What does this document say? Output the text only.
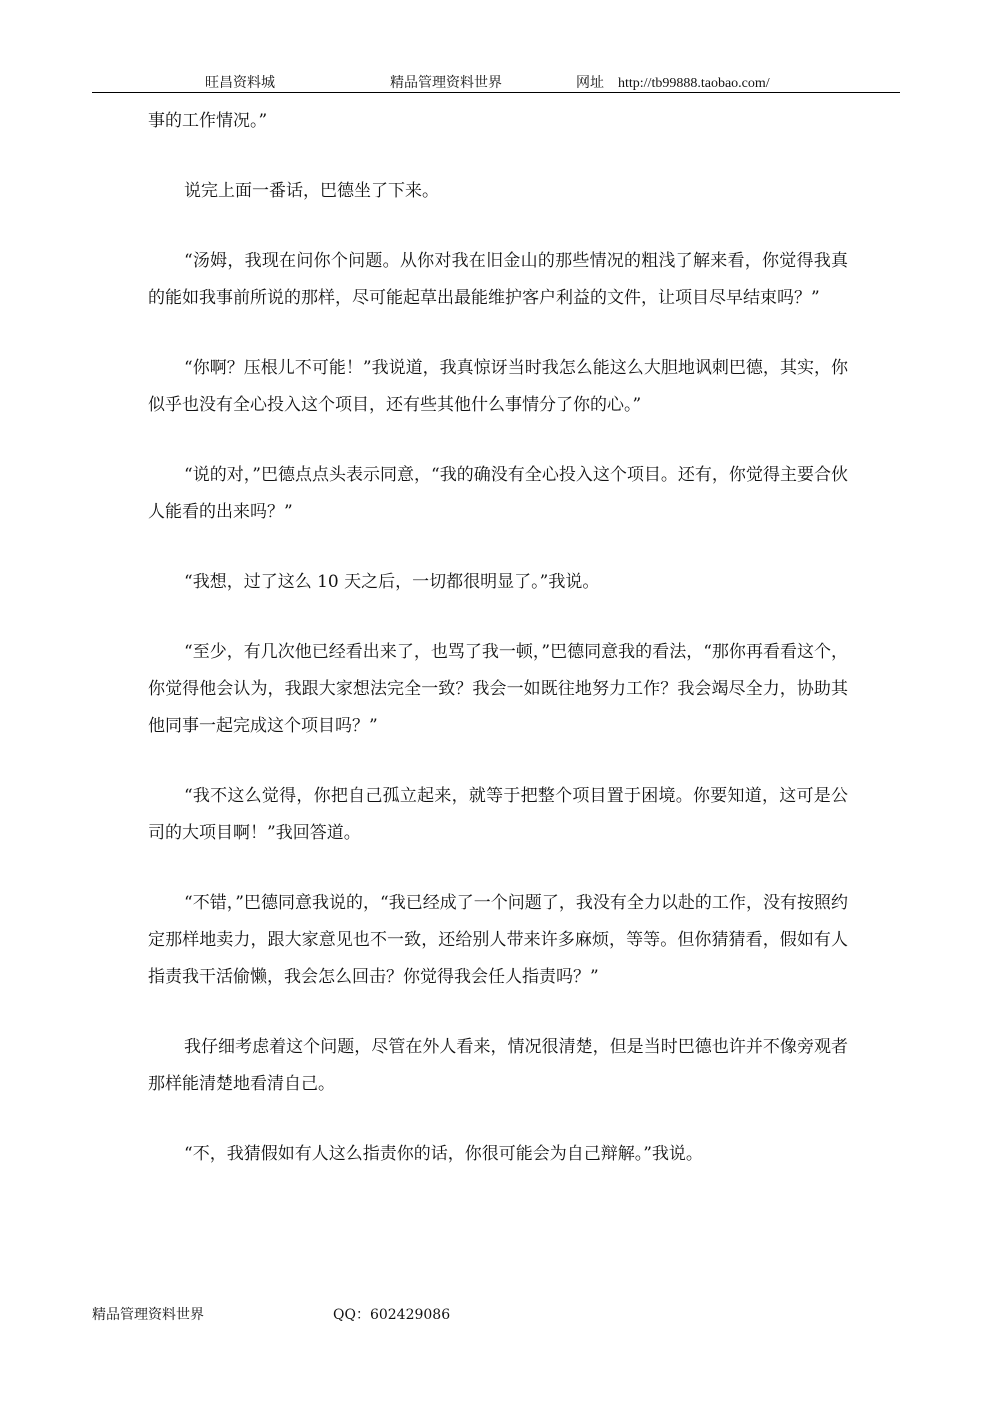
旺昌资料城	精品管理资料世界	网址 http://tb99888.taobao.com/

事的工作情况。”

说完上面一番话，巴德坐了下来。

“汤姆，我现在问你个问题。从你对我在旧金山的那些情况的粗浅了解来看，你觉得我真的能如我事前所说的那样，尽可能起草出最能维护客户利益的文件，让项目尽早结束吗？”

“你啊？压根儿不可能！”我说道，我真惊讶当时我怎么能这么大胆地讽刺巴德，其实，你似乎也没有全心投入这个项目，还有些其他什么事情分了你的心。”

“说的对，”巴德点点头表示同意，“我的确没有全心投入这个项目。还有，你觉得主要合伙人能看的出来吗？”

“我想，过了这么 10 天之后，一切都很明显了。”我说。

“至少，有几次他已经看出来了，也骂了我一顿，”巴德同意我的看法，“那你再看看这个，你觉得他会认为，我跟大家想法完全一致？我会一如既往地努力工作？我会竭尽全力，协助其他同事一起完成这个项目吗？”

“我不这么觉得，你把自己孤立起来，就等于把整个项目置于困境。你要知道，这可是公司的大项目啊！”我回答道。

“不错，”巴德同意我说的，“我已经成了一个问题了，我没有全力以赴的工作，没有按照约定那样地卖力，跟大家意见也不一致，还给别人带来许多麻烦，等等。但你猜猜看，假如有人指责我干活偷懒，我会怎么回击？你觉得我会任人指责吗？”

我仔细考虑着这个问题，尽管在外人看来，情况很清楚，但是当时巴德也许并不像旁观者那样能清楚地看清自己。

“不，我猜假如有人这么指责你的话，你很可能会为自己辩解。”我说。

精品管理资料世界	QQ：602429086
